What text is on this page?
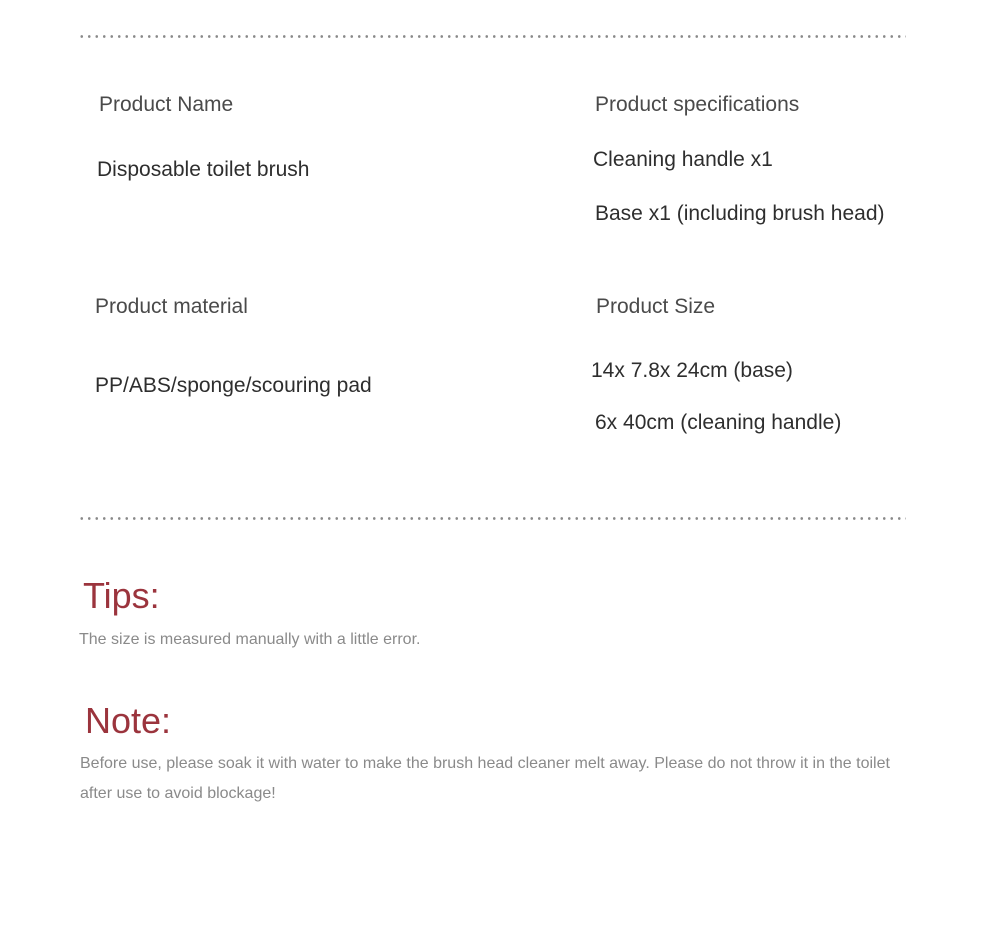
Product Name
Disposable toilet brush
Product specifications
Cleaning handle x1
Base x1 (including brush head)
Product material
PP/ABS/sponge/scouring pad
Product Size
14x 7.8x 24cm (base)
6x 40cm (cleaning handle)
Tips:
The size is measured manually with a little error.
Note:
Before use, please soak it with water to make the brush head cleaner melt away. Please do not throw it in the toilet after use to avoid blockage!
